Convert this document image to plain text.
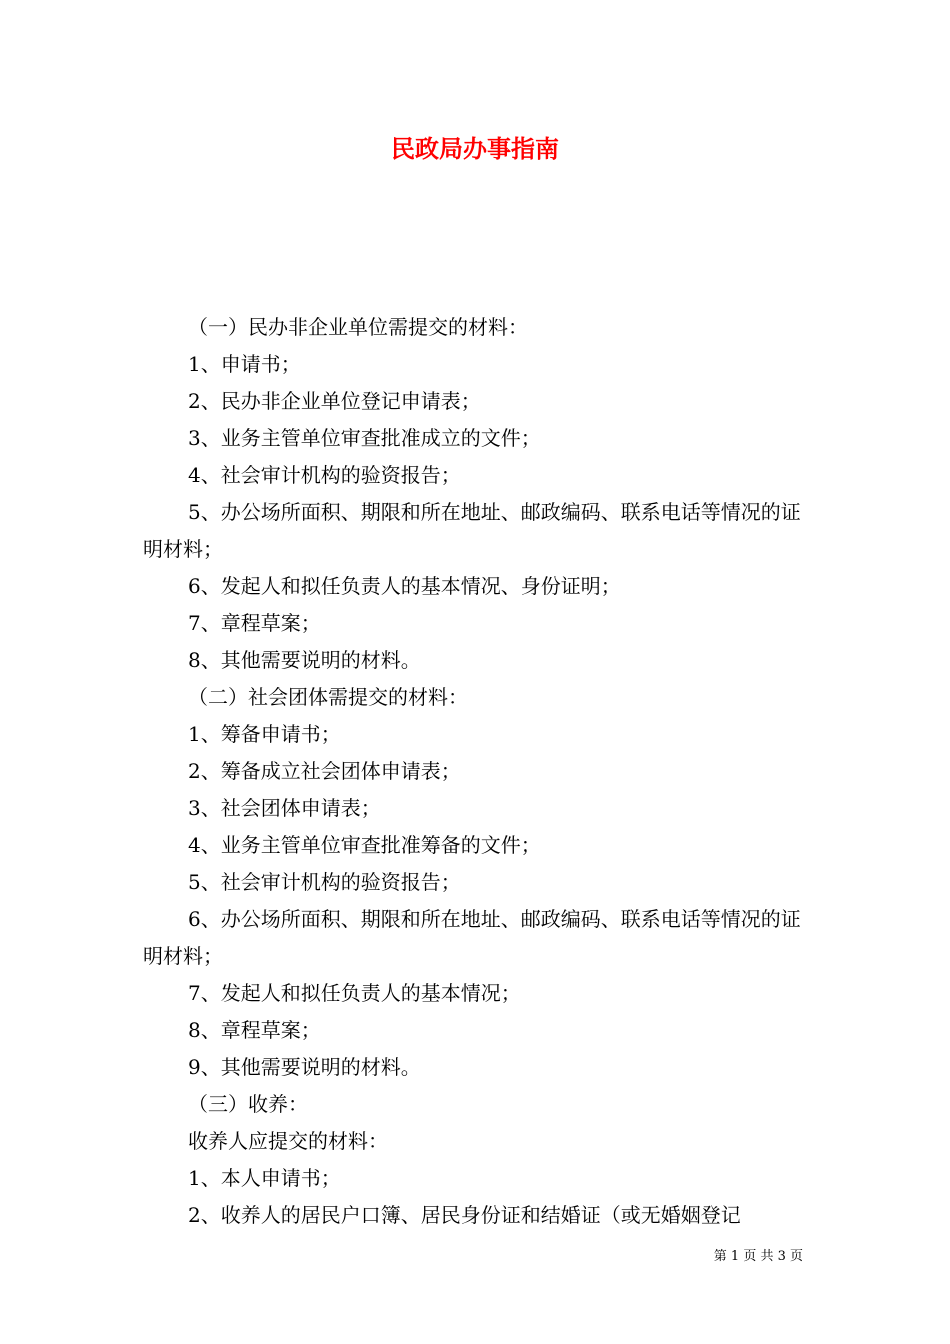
民政局办事指南

（一）民办非企业单位需提交的材料：

1、申请书；

2、民办非企业单位登记申请表；

3、业务主管单位审查批准成立的文件；

4、社会审计机构的验资报告；

5、办公场所面积、期限和所在地址、邮政编码、联系电话等情况的证明材料；

6、发起人和拟任负责人的基本情况、身份证明；

7、章程草案；

8、其他需要说明的材料。

（二）社会团体需提交的材料：

1、筹备申请书；

2、筹备成立社会团体申请表；

3、社会团体申请表；

4、业务主管单位审查批准筹备的文件；

5、社会审计机构的验资报告；

6、办公场所面积、期限和所在地址、邮政编码、联系电话等情况的证明材料；

7、发起人和拟任负责人的基本情况；

8、章程草案；

9、其他需要说明的材料。

（三）收养：

收养人应提交的材料：

1、本人申请书；

2、收养人的居民户口簿、居民身份证和结婚证（或无婚姻登记

第 1 页 共 3 页
